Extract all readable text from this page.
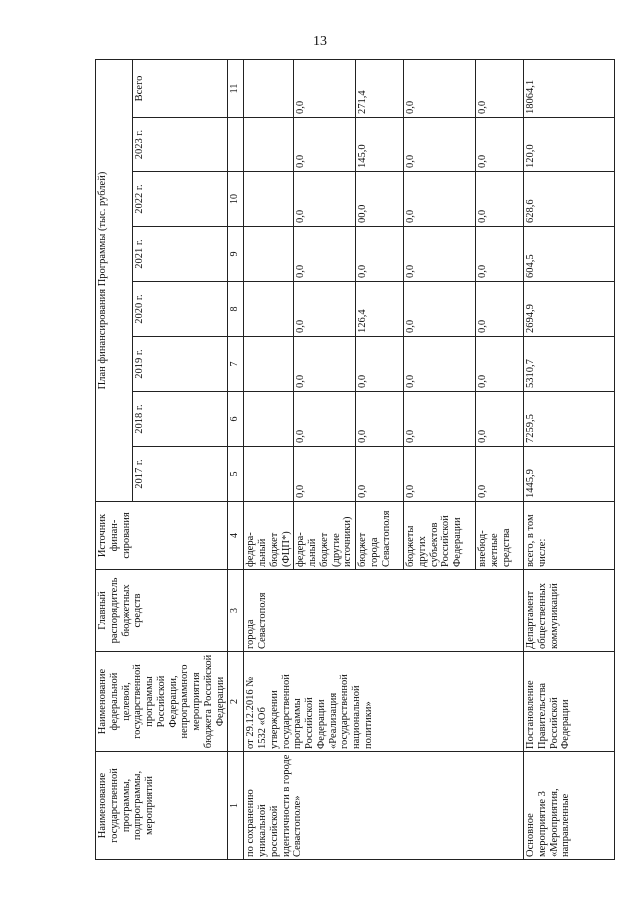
13
Наименование государственной программы, подпрограммы, мероприятий	Наименование федеральной целевой, государственной программы Российской Федерации, непрограммного мероприятия бюджета Российской Федерации	Главный распорядитель бюджетных средств	Источник финан-сирования	План финансирования Программы (тыс. рублей)							
				2017 г.	2018 г.	2019 г.	2020 г.	2021 г.	2022 г.	2023 г.	Всего
1	2	3	4	5	6	7	8	9	10		11
по сохранению уникальной российской идентичности в городе Севастополе»	от 29.12.2016 № 1532 «Об утверждении государственной программы Российской Федерации «Реализация государственной национальной политики»	города Севастополя	федера-льный бюджет (ФЦП*)								
			федера-льный бюджет (другие источники)	0,0	0,0	0,0	0,0	0,0	0,0	0,0	0,0
			бюджет города Севастополя	0,0	0,0	0,0	126,4	0,0	00,0	145,0	271,4
			бюджеты других субъектов Российской Федерации	0,0	0,0	0,0	0,0	0,0	0,0	0,0	0,0
			внебюд-жетные средства	0,0	0,0	0,0	0,0	0,0	0,0	0,0	0,0
Основное мероприятие 3 «Мероприятия, направленные	Постановление Правительства Российской Федерации	Департамент общественных коммуникаций	всего, в том числе:	1445,9	7259,5	5310,7	2694,9	604,5	628,6	120,0	18064,1
